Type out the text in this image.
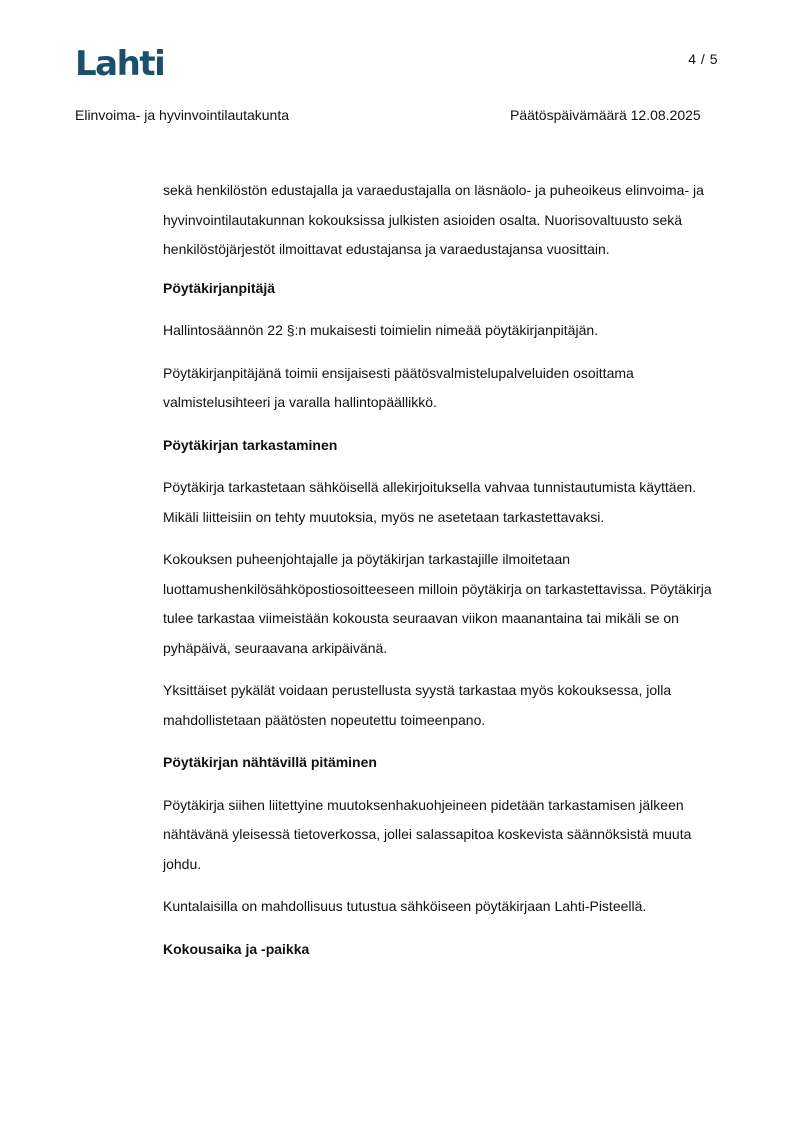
Lahti	4 / 5
Elinvoima- ja hyvinvointilautakunta	Päätöspäivämäärä 12.08.2025

sekä henkilöstön edustajalla ja varaedustajalla on läsnäolo- ja puheoikeus elinvoima- ja hyvinvointilautakunnan kokouksissa julkisten asioiden osalta. Nuorisovaltuusto sekä henkilöstöjärjestöt ilmoittavat edustajansa ja varaedustajansa vuosittain.

Pöytäkirjanpitäjä

Hallintosäännön 22 §:n mukaisesti toimielin nimeää pöytäkirjanpitäjän.

Pöytäkirjanpitäjänä toimii ensijaisesti päätösvalmistelupalveluiden osoittama valmistelusihteeri ja varalla hallintopäällikkö.

Pöytäkirjan tarkastaminen

Pöytäkirja tarkastetaan sähköisellä allekirjoituksella vahvaa tunnistautumista käyttäen. Mikäli liitteisiin on tehty muutoksia, myös ne asetetaan tarkastettavaksi.

Kokouksen puheenjohtajalle ja pöytäkirjan tarkastajille ilmoitetaan luottamushenkilösähköpostiosoitteeseen milloin pöytäkirja on tarkastettavissa. Pöytäkirja tulee tarkastaa viimeistään kokousta seuraavan viikon maanantaina tai mikäli se on pyhäpäivä, seuraavana arkipäivänä.

Yksittäiset pykälät voidaan perustellusta syystä tarkastaa myös kokouksessa, jolla mahdollistetaan päätösten nopeutettu toimeenpano.

Pöytäkirjan nähtävillä pitäminen

Pöytäkirja siihen liitettyine muutoksenhakuohjeineen pidetään tarkastamisen jälkeen nähtävänä yleisessä tietoverkossa, jollei salassapitoa koskevista säännöksistä muuta johdu.

Kuntalaisilla on mahdollisuus tutustua sähköiseen pöytäkirjaan Lahti-Pisteellä.

Kokousaika ja -paikka
